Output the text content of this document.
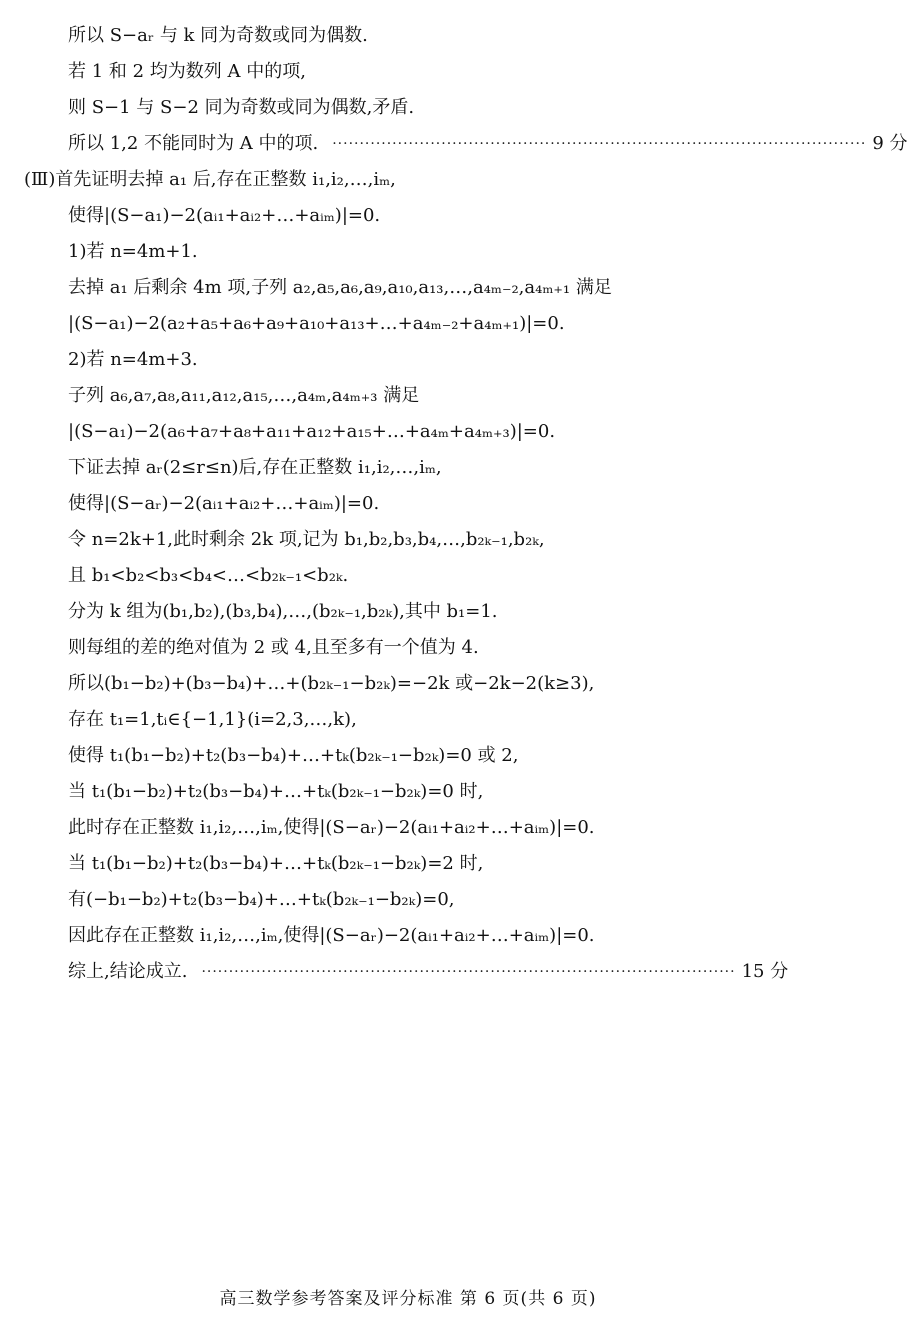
所以 S−aᵣ 与 k 同为奇数或同为偶数.
若 1 和 2 均为数列 A 中的项,
则 S−1 与 S−2 同为奇数或同为偶数,矛盾.
所以 1,2 不能同时为 A 中的项. ·································································································· 9 分
(Ⅲ)首先证明去掉 a₁ 后,存在正整数 i₁,i₂,…,iₘ,
使得|(S−a₁)−2(aᵢ₁+aᵢ₂+…+aᵢₘ)|=0.
1)若 n=4m+1.
去掉 a₁ 后剩余 4m 项,子列 a₂,a₅,a₆,a₉,a₁₀,a₁₃,…,a₄ₘ₋₂,a₄ₘ₊₁ 满足
|(S−a₁)−2(a₂+a₅+a₆+a₉+a₁₀+a₁₃+…+a₄ₘ₋₂+a₄ₘ₊₁)|=0.
2)若 n=4m+3.
子列 a₆,a₇,a₈,a₁₁,a₁₂,a₁₅,…,a₄ₘ,a₄ₘ₊₃ 满足
|(S−a₁)−2(a₆+a₇+a₈+a₁₁+a₁₂+a₁₅+…+a₄ₘ+a₄ₘ₊₃)|=0.
下证去掉 aᵣ(2≤r≤n)后,存在正整数 i₁,i₂,…,iₘ,
使得|(S−aᵣ)−2(aᵢ₁+aᵢ₂+…+aᵢₘ)|=0.
令 n=2k+1,此时剩余 2k 项,记为 b₁,b₂,b₃,b₄,…,b₂ₖ₋₁,b₂ₖ,
且 b₁<b₂<b₃<b₄<…<b₂ₖ₋₁<b₂ₖ.
分为 k 组为(b₁,b₂),(b₃,b₄),…,(b₂ₖ₋₁,b₂ₖ),其中 b₁=1.
则每组的差的绝对值为 2 或 4,且至多有一个值为 4.
所以(b₁−b₂)+(b₃−b₄)+…+(b₂ₖ₋₁−b₂ₖ)=−2k 或−2k−2(k≥3),
存在 t₁=1,tᵢ∈{−1,1}(i=2,3,…,k),
使得 t₁(b₁−b₂)+t₂(b₃−b₄)+…+tₖ(b₂ₖ₋₁−b₂ₖ)=0 或 2,
当 t₁(b₁−b₂)+t₂(b₃−b₄)+…+tₖ(b₂ₖ₋₁−b₂ₖ)=0 时,
此时存在正整数 i₁,i₂,…,iₘ,使得|(S−aᵣ)−2(aᵢ₁+aᵢ₂+…+aᵢₘ)|=0.
当 t₁(b₁−b₂)+t₂(b₃−b₄)+…+tₖ(b₂ₖ₋₁−b₂ₖ)=2 时,
有(−b₁−b₂)+t₂(b₃−b₄)+…+tₖ(b₂ₖ₋₁−b₂ₖ)=0,
因此存在正整数 i₁,i₂,…,iₘ,使得|(S−aᵣ)−2(aᵢ₁+aᵢ₂+…+aᵢₘ)|=0.
综上,结论成立. ·································································································· 15 分
高三数学参考答案及评分标准 第 6 页(共 6 页)
